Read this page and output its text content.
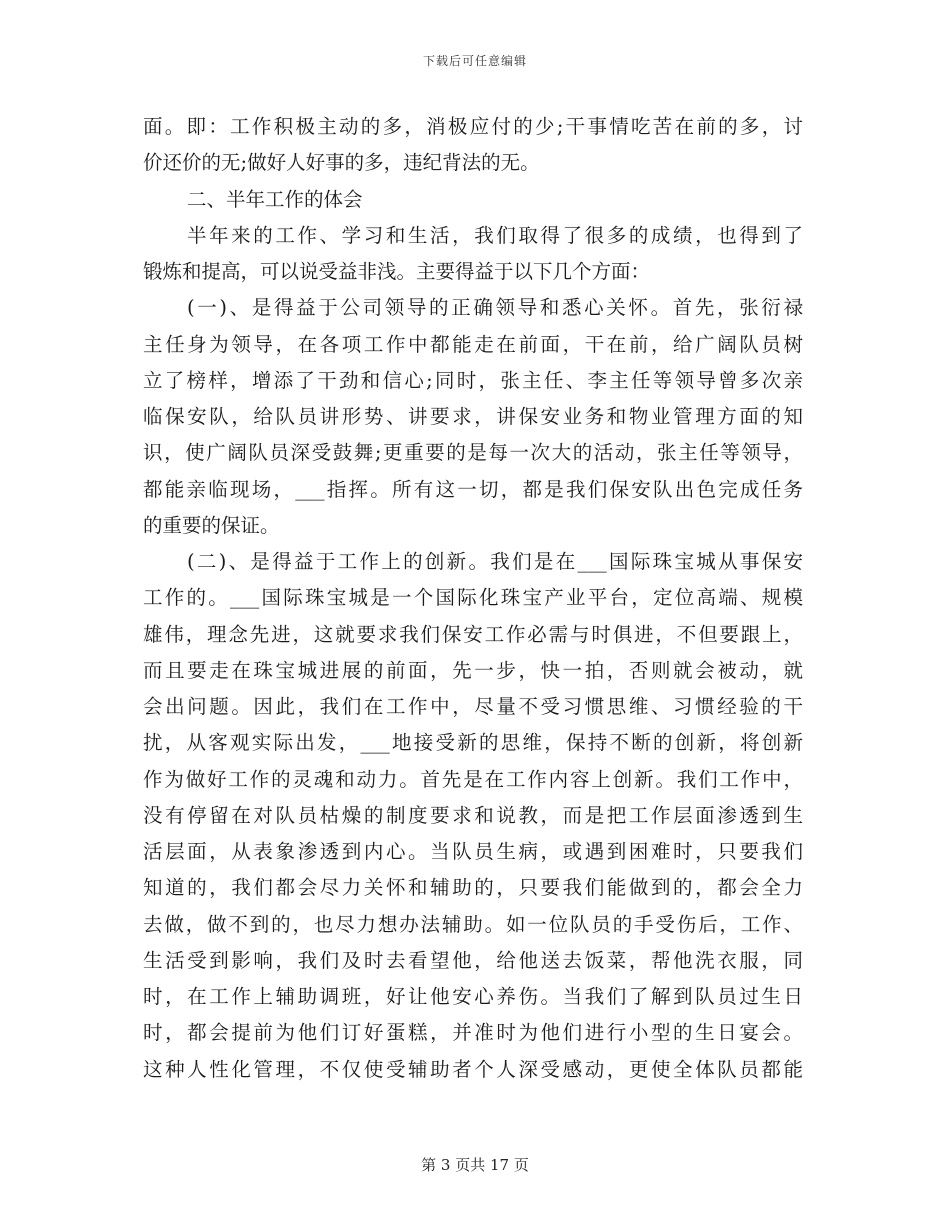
下载后可任意编辑
面。即：工作积极主动的多，消极应付的少;干事情吃苦在前的多，讨
价还价的无;做好人好事的多，违纪背法的无。
二、半年工作的体会
半年来的工作、学习和生活，我们取得了很多的成绩，也得到了
锻炼和提高，可以说受益非浅。主要得益于以下几个方面：
(一)、是得益于公司领导的正确领导和悉心关怀。首先，张衍禄
主任身为领导，在各项工作中都能走在前面，干在前，给广阔队员树
立了榜样，增添了干劲和信心;同时，张主任、李主任等领导曾多次亲
临保安队，给队员讲形势、讲要求，讲保安业务和物业管理方面的知
识，使广阔队员深受鼓舞;更重要的是每一次大的活动，张主任等领导，
都能亲临现场，___指挥。所有这一切，都是我们保安队出色完成任务
的重要的保证。
(二)、是得益于工作上的创新。我们是在___国际珠宝城从事保安
工作的。___国际珠宝城是一个国际化珠宝产业平台，定位高端、规模
雄伟，理念先进，这就要求我们保安工作必需与时俱进，不但要跟上，
而且要走在珠宝城进展的前面，先一步，快一拍，否则就会被动，就
会出问题。因此，我们在工作中，尽量不受习惯思维、习惯经验的干
扰，从客观实际出发，___地接受新的思维，保持不断的创新，将创新
作为做好工作的灵魂和动力。首先是在工作内容上创新。我们工作中，
没有停留在对队员枯燥的制度要求和说教，而是把工作层面渗透到生
活层面，从表象渗透到内心。当队员生病，或遇到困难时，只要我们
知道的，我们都会尽力关怀和辅助的，只要我们能做到的，都会全力
去做，做不到的，也尽力想办法辅助。如一位队员的手受伤后，工作、
生活受到影响，我们及时去看望他，给他送去饭菜，帮他洗衣服，同
时，在工作上辅助调班，好让他安心养伤。当我们了解到队员过生日
时，都会提前为他们订好蛋糕，并准时为他们进行小型的生日宴会。
这种人性化管理，不仅使受辅助者个人深受感动，更使全体队员都能
第 3 页共 17 页
